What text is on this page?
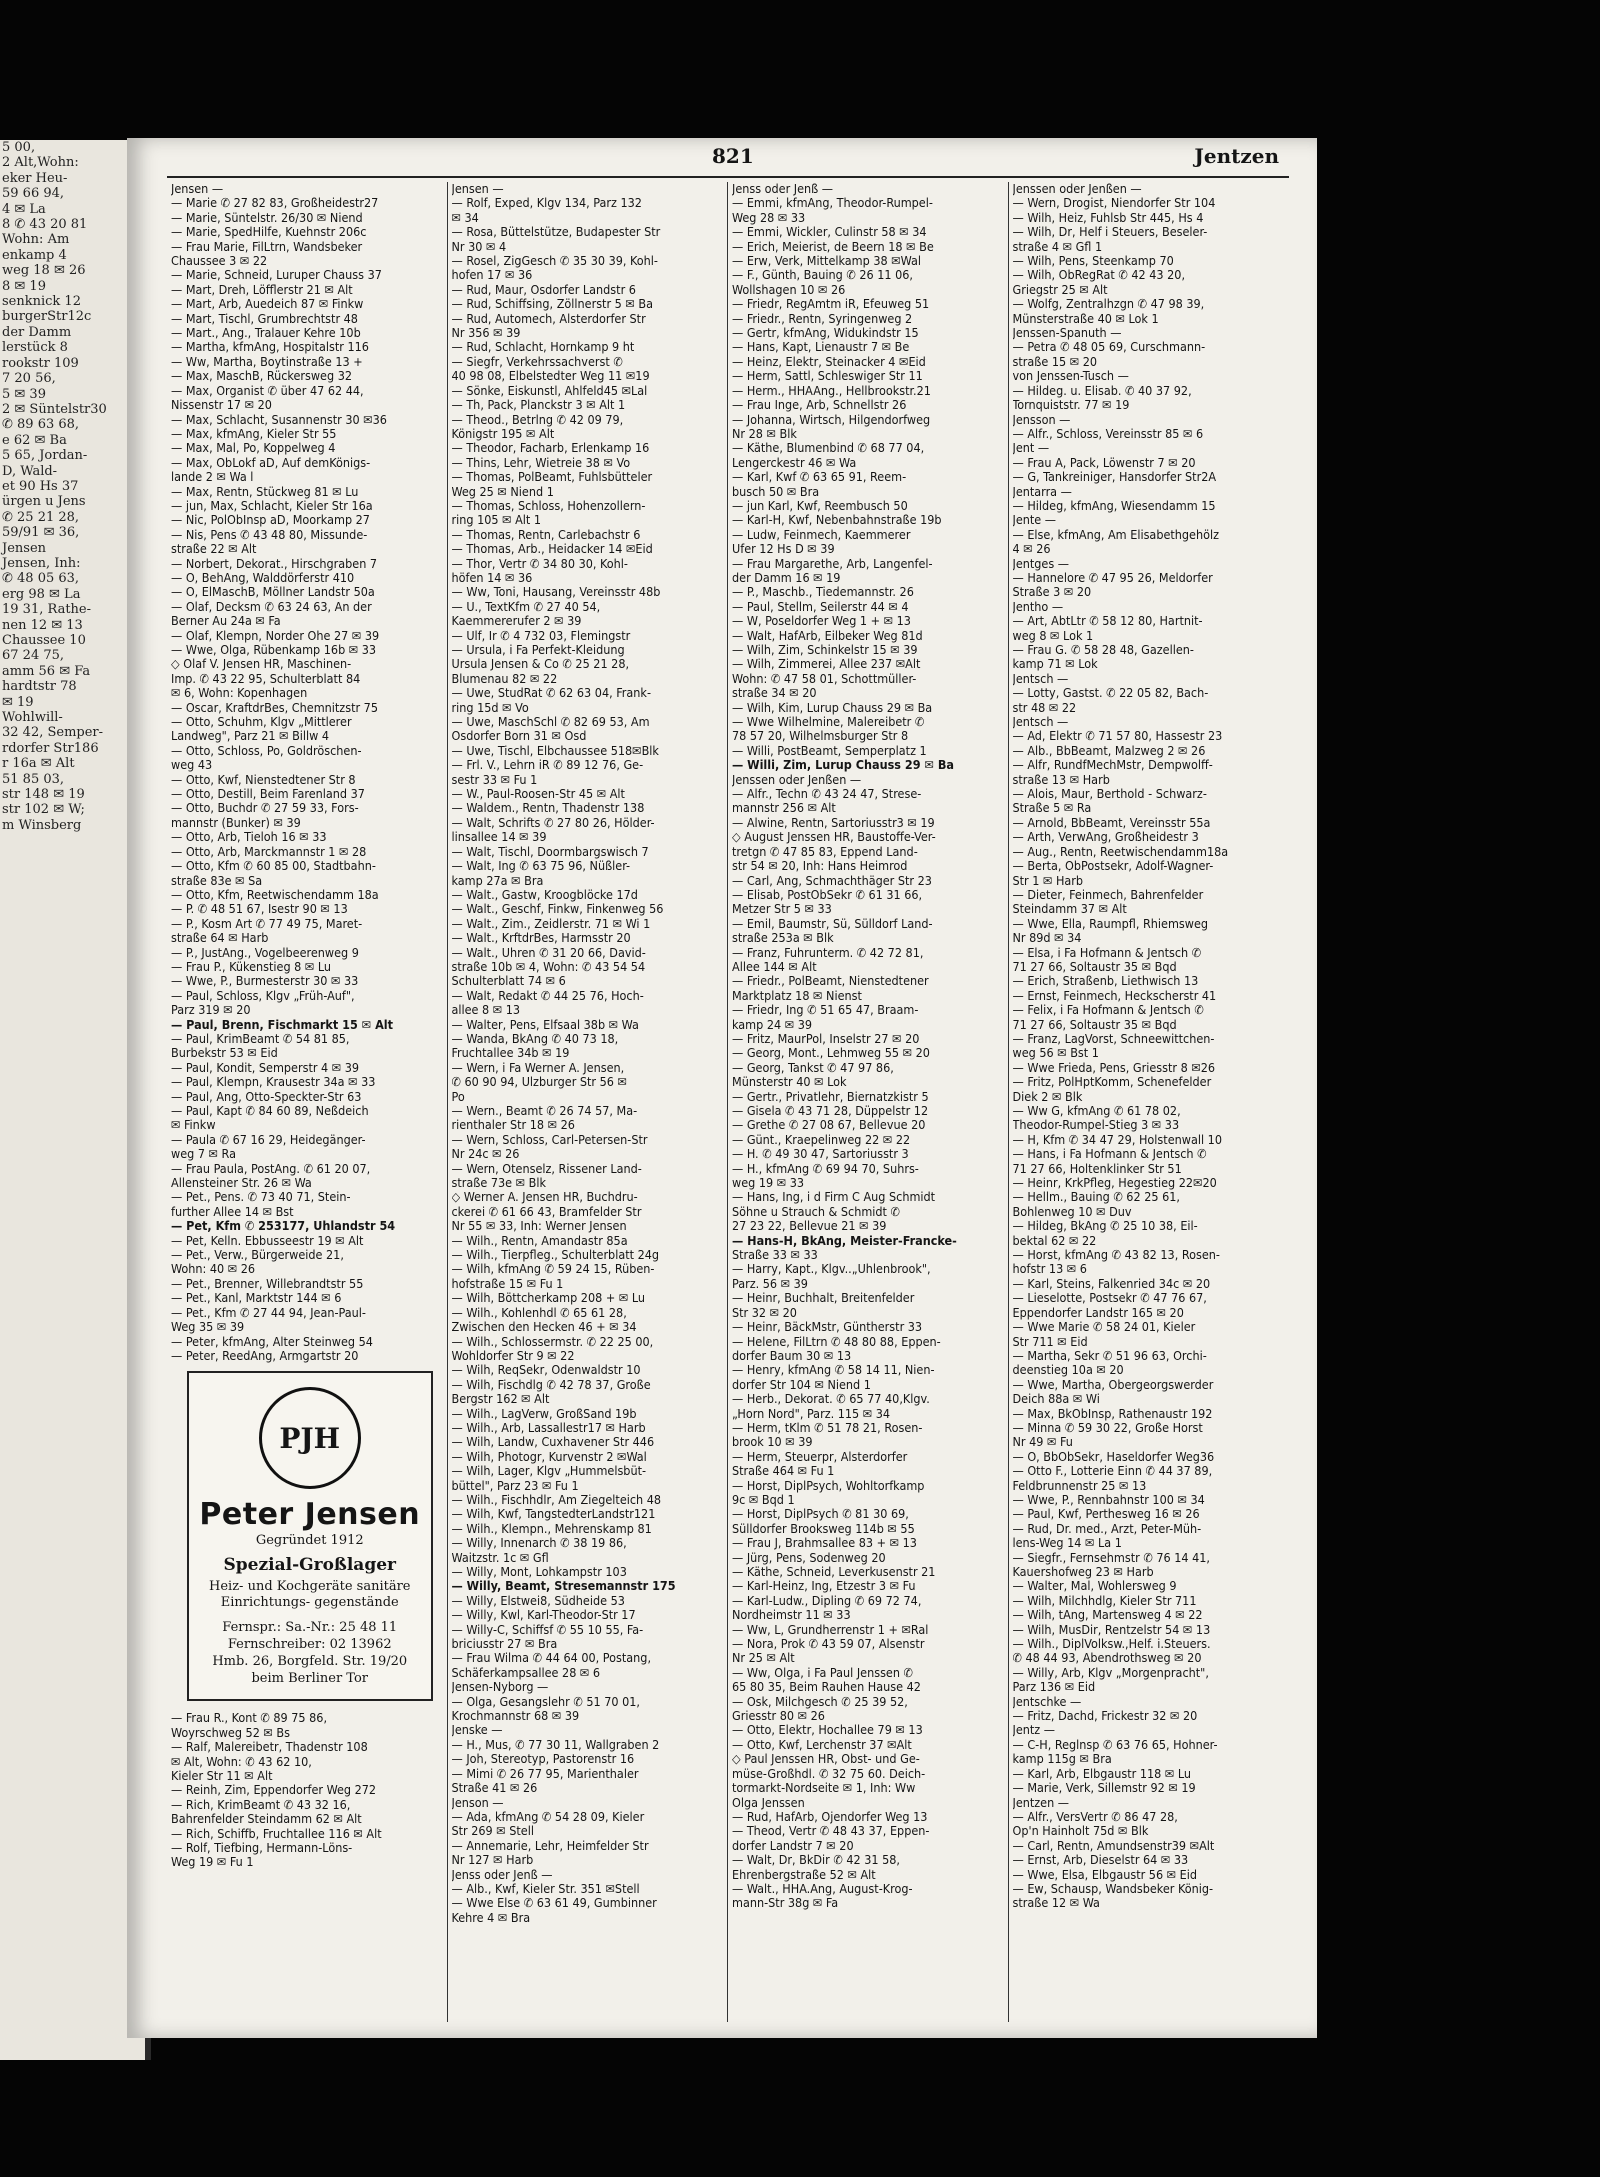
5 00,
2 Alt,Wohn:
eker Heu-
59 66 94,
4 ✉ La
8 ✆ 43 20 81
Wohn: Am
enkamp 4
weg 18 ✉ 26
8 ✉ 19
senknick 12
burgerStr12c
der Damm
lerstück 8
rookstr 109
7 20 56,
5 ✉ 39
2 ✉ Süntelstr30
✆ 89 63 68,
e 62 ✉ Ba
5 65, Jordan-
D, Wald-
et 90 Hs 37
ürgen u Jens
✆ 25 21 28,
59/91 ✉ 36,
Jensen
Jensen, Inh:
✆ 48 05 63,
erg 98 ✉ La
19 31, Rathe-
nen 12 ✉ 13
Chaussee 10
67 24 75,
amm 56 ✉ Fa
hardtstr 78
✉ 19
Wohlwill-
32 42, Semper-
rdorfer Str186
r 16a ✉ Alt
51 85 03,
str 148 ✉ 19
str 102 ✉ W;
m Winsberg
821	Jentzen
Jensen —
— Marie ✆ 27 82 83, Großheidestr27
— Marie, Süntelstr. 26/30 ✉ Niend
— Marie, SpedHilfe, Kuehnstr 206c
— Frau Marie, FilLtrn, Wandsbeker
Chaussee 3 ✉ 22
— Marie, Schneid, Luruper Chauss 37
— Mart, Dreh, Löfflerstr 21 ✉ Alt
— Mart, Arb, Auedeich 87 ✉ Finkw
— Mart, Tischl, Grumbrechtstr 48
— Mart., Ang., Tralauer Kehre 10b
— Martha, kfmAng, Hospitalstr 116
— Ww, Martha, Boytinstraße 13 +
— Max, MaschB, Rückersweg 32
— Max, Organist ✆ über 47 62 44,
Nissenstr 17 ✉ 20
— Max, Schlacht, Susannenstr 30 ✉36
— Max, kfmAng, Kieler Str 55
— Max, Mal, Po, Koppelweg 4
— Max, ObLokf aD, Auf demKönigs-
lande 2 ✉ Wa l
— Max, Rentn, Stückweg 81 ✉ Lu
— jun, Max, Schlacht, Kieler Str 16a
— Nic, PolObInsp aD, Moorkamp 27
— Nis, Pens ✆ 43 48 80, Missunde-
straße 22 ✉ Alt
— Norbert, Dekorat., Hirschgraben 7
— O, BehAng, Walddörferstr 410
— O, ElMaschB, Möllner Landstr 50a
— Olaf, Decksm ✆ 63 24 63, An der
Berner Au 24a ✉ Fa
— Olaf, Klempn, Norder Ohe 27 ✉ 39
— Wwe, Olga, Rübenkamp 16b ✉ 33
◇ Olaf V. Jensen HR, Maschinen-
Imp. ✆ 43 22 95, Schulterblatt 84
✉ 6, Wohn: Kopenhagen
— Oscar, KraftdrBes, Chemnitzstr 75
— Otto, Schuhm, Klgv „Mittlerer
Landweg", Parz 21 ✉ Billw 4
— Otto, Schloss, Po, Goldröschen-
weg 43
— Otto, Kwf, Nienstedtener Str 8
— Otto, Destill, Beim Farenland 37
— Otto, Buchdr ✆ 27 59 33, Fors-
mannstr (Bunker) ✉ 39
— Otto, Arb, Tieloh 16 ✉ 33
— Otto, Arb, Marckmannstr 1 ✉ 28
— Otto, Kfm ✆ 60 85 00, Stadtbahn-
straße 83e ✉ Sa
— Otto, Kfm, Reetwischendamm 18a
— P. ✆ 48 51 67, Isestr 90 ✉ 13
— P., Kosm Art ✆ 77 49 75, Maret-
straße 64 ✉ Harb
— P., JustAng., Vogelbeerenweg 9
— Frau P., Kükenstieg 8 ✉ Lu
— Wwe, P., Burmesterstr 30 ✉ 33
— Paul, Schloss, Klgv „Früh-Auf",
Parz 319 ✉ 20
— Paul, Brenn, Fischmarkt 15 ✉ Alt
— Paul, KrimBeamt ✆ 54 81 85,
Burbekstr 53 ✉ Eid
— Paul, Kondit, Semperstr 4 ✉ 39
— Paul, Klempn, Krausestr 34a ✉ 33
— Paul, Ang, Otto-Speckter-Str 63
— Paul, Kapt ✆ 84 60 89, Neßdeich
✉ Finkw
— Paula ✆ 67 16 29, Heidegänger-
weg 7 ✉ Ra
— Frau Paula, PostAng. ✆ 61 20 07,
Allensteiner Str. 26 ✉ Wa
— Pet., Pens. ✆ 73 40 71, Stein-
further Allee 14 ✉ Bst
— Pet, Kfm ✆ 253177, Uhlandstr 54
— Pet, Kelln. Ebbusseestr 19 ✉ Alt
— Pet., Verw., Bürgerweide 21,
Wohn: 40 ✉ 26
— Pet., Brenner, Willebrandtstr 55
— Pet., Kanl, Marktstr 144 ✉ 6
— Pet., Kfm ✆ 27 44 94, Jean-Paul-
Weg 35 ✉ 39
— Peter, kfmAng, Alter Steinweg 54
— Peter, ReedAng, Armgartstr 20
PJH
Peter Jensen
Gegründet 1912
Spezial-Großlager
Heiz- und Kochgeräte sanitäre Einrichtungs- gegenstände
Fernspr.: Sa.-Nr.: 25 48 11
Fernschreiber: 02 13962
Hmb. 26, Borgfeld. Str. 19/20
beim Berliner Tor
— Frau R., Kont ✆ 89 75 86,
Woyrschweg 52 ✉ Bs
— Ralf, Malereibetr, Thadenstr 108
✉ Alt, Wohn: ✆ 43 62 10,
Kieler Str 11 ✉ Alt
— Reinh, Zim, Eppendorfer Weg 272
— Rich, KrimBeamt ✆ 43 32 16,
Bahrenfelder Steindamm 62 ✉ Alt
— Rich, Schiffb, Fruchtallee 116 ✉ Alt
— Rolf, Tiefbing, Hermann-Löns-
Weg 19 ✉ Fu 1
Jensen —
— Rolf, Exped, Klgv 134, Parz 132
✉ 34
— Rosa, Büttelstütze, Budapester Str
Nr 30 ✉ 4
— Rosel, ZigGesch ✆ 35 30 39, Kohl-
hofen 17 ✉ 36
— Rud, Maur, Osdorfer Landstr 6
— Rud, Schiffsing, Zöllnerstr 5 ✉ Ba
— Rud, Automech, Alsterdorfer Str
Nr 356 ✉ 39
— Rud, Schlacht, Hornkamp 9 ht
— Siegfr, Verkehrssachverst ✆
40 98 08, Elbelstedter Weg 11 ✉19
— Sönke, Eiskunstl, Ahlfeld45 ✉Lal
— Th, Pack, Planckstr 3 ✉ Alt 1
— Theod., Betrlng ✆ 42 09 79,
Königstr 195 ✉ Alt
— Theodor, Facharb, Erlenkamp 16
— Thins, Lehr, Wietreie 38 ✉ Vo
— Thomas, PolBeamt, Fuhlsbütteler
Weg 25 ✉ Niend 1
— Thomas, Schloss, Hohenzollern-
ring 105 ✉ Alt 1
— Thomas, Rentn, Carlebachstr 6
— Thomas, Arb., Heidacker 14 ✉Eid
— Thor, Vertr ✆ 34 80 30, Kohl-
höfen 14 ✉ 36
— Ww, Toni, Hausang, Vereinsstr 48b
— U., TextKfm ✆ 27 40 54,
Kaemmererufer 2 ✉ 39
— Ulf, Ir ✆ 4 732 03, Flemingstr
— Ursula, i Fa Perfekt-Kleidung
Ursula Jensen & Co ✆ 25 21 28,
Blumenau 82 ✉ 22
— Uwe, StudRat ✆ 62 63 04, Frank-
ring 15d ✉ Vo
— Uwe, MaschSchl ✆ 82 69 53, Am
Osdorfer Born 31 ✉ Osd
— Uwe, Tischl, Elbchaussee 518✉Blk
— Frl. V., Lehrn iR ✆ 89 12 76, Ge-
sestr 33 ✉ Fu 1
— W., Paul-Roosen-Str 45 ✉ Alt
— Waldem., Rentn, Thadenstr 138
— Walt, Schrifts ✆ 27 80 26, Hölder-
linsallee 14 ✉ 39
— Walt, Tischl, Doormbargswisch 7
— Walt, Ing ✆ 63 75 96, Nüßler-
kamp 27a ✉ Bra
— Walt., Gastw, Kroogblöcke 17d
— Walt., Geschf, Finkw, Finkenweg 56
— Walt., Zim., Zeidlerstr. 71 ✉ Wi 1
— Walt., KrftdrBes, Harmsstr 20
— Walt., Uhren ✆ 31 20 66, David-
straße 10b ✉ 4, Wohn: ✆ 43 54 54
Schulterblatt 74 ✉ 6
— Walt, Redakt ✆ 44 25 76, Hoch-
allee 8 ✉ 13
— Walter, Pens, Elfsaal 38b ✉ Wa
— Wanda, BkAng ✆ 40 73 18,
Fruchtallee 34b ✉ 19
— Wern, i Fa Werner A. Jensen,
✆ 60 90 94, Ulzburger Str 56 ✉
Po
— Wern., Beamt ✆ 26 74 57, Ma-
rienthaler Str 18 ✉ 26
— Wern, Schloss, Carl-Petersen-Str
Nr 24c ✉ 26
— Wern, Otenselz, Rissener Land-
straße 73e ✉ Blk
◇ Werner A. Jensen HR, Buchdru-
ckerei ✆ 61 66 43, Bramfelder Str
Nr 55 ✉ 33, Inh: Werner Jensen
— Wilh., Rentn, Amandastr 85a
— Wilh., Tierpfleg., Schulterblatt 24g
— Wilh, kfmAng ✆ 59 24 15, Rüben-
hofstraße 15 ✉ Fu 1
— Wilh, Böttcherkamp 208 + ✉ Lu
— Wilh., Kohlenhdl ✆ 65 61 28,
Zwischen den Hecken 46 + ✉ 34
— Wilh., Schlossermstr. ✆ 22 25 00,
Wohldorfer Str 9 ✉ 22
— Wilh, ReqSekr, Odenwaldstr 10
— Wilh, Fischdlg ✆ 42 78 37, Große
Bergstr 162 ✉ Alt
— Wilh., LagVerw, GroßSand 19b
— Wilh., Arb, Lassallestr17 ✉ Harb
— Wilh, Landw, Cuxhavener Str 446
— Wilh, Photogr, Kurvenstr 2 ✉Wal
— Wilh, Lager, Klgv „Hummelsbüt-
büttel", Parz 23 ✉ Fu 1
— Wilh., Fischhdlr, Am Ziegelteich 48
— Wilh, Kwf, TangstedterLandstr121
— Wilh., Klempn., Mehrenskamp 81
— Willy, Innenarch ✆ 38 19 86,
Waitzstr. 1c ✉ Gfl
— Willy, Mont, Lohkampstr 103
— Willy, Beamt, Stresemannstr 175
— Willy, Elstwei8, Südheide 53
— Willy, Kwl, Karl-Theodor-Str 17
— Willy-C, Schiffsf ✆ 55 10 55, Fa-
briciusstr 27 ✉ Bra
— Frau Wilma ✆ 44 64 00, Postang,
Schäferkampsallee 28 ✉ 6
Jensen-Nyborg —
— Olga, Gesangslehr ✆ 51 70 01,
Krochmannstr 68 ✉ 39
Jenske —
— H., Mus, ✆ 77 30 11, Wallgraben 2
— Joh, Stereotyp, Pastorenstr 16
— Mimi ✆ 26 77 95, Marienthaler
Straße 41 ✉ 26
Jenson —
— Ada, kfmAng ✆ 54 28 09, Kieler
Str 269 ✉ Stell
— Annemarie, Lehr, Heimfelder Str
Nr 127 ✉ Harb
Jenss oder Jenß —
— Alb., Kwf, Kieler Str. 351 ✉Stell
— Wwe Else ✆ 63 61 49, Gumbinner
Kehre 4 ✉ Bra
Jenss oder Jenß —
— Emmi, kfmAng, Theodor-Rumpel-
Weg 28 ✉ 33
— Emmi, Wickler, Culinstr 58 ✉ 34
— Erich, Meierist, de Beern 18 ✉ Be
— Erw, Verk, Mittelkamp 38 ✉Wal
— F., Günth, Bauing ✆ 26 11 06,
Wollshagen 10 ✉ 26
— Friedr, RegAmtm iR, Efeuweg 51
— Friedr., Rentn, Syringenweg 2
— Gertr, kfmAng, Widukindstr 15
— Hans, Kapt, Lienaustr 7 ✉ Be
— Heinz, Elektr, Steinacker 4 ✉Eid
— Herm, Sattl, Schleswiger Str 11
— Herm., HHAAng., Hellbrookstr.21
— Frau Inge, Arb, Schnellstr 26
— Johanna, Wirtsch, Hilgendorfweg
Nr 28 ✉ Blk
— Käthe, Blumenbind ✆ 68 77 04,
Lengerckestr 46 ✉ Wa
— Karl, Kwf ✆ 63 65 91, Reem-
busch 50 ✉ Bra
— jun Karl, Kwf, Reembusch 50
— Karl-H, Kwf, Nebenbahnstraße 19b
— Ludw, Feinmech, Kaemmerer
Ufer 12 Hs D ✉ 39
— Frau Margarethe, Arb, Langenfel-
der Damm 16 ✉ 19
— P., Maschb., Tiedemannstr. 26
— Paul, Stellm, Seilerstr 44 ✉ 4
— W, Poseldorfer Weg 1 + ✉ 13
— Walt, HafArb, Eilbeker Weg 81d
— Wilh, Zim, Schinkelstr 15 ✉ 39
— Wilh, Zimmerei, Allee 237 ✉Alt
Wohn: ✆ 47 58 01, Schottmüller-
straße 34 ✉ 20
— Wilh, Kim, Lurup Chauss 29 ✉ Ba
— Wwe Wilhelmine, Malereibetr ✆
78 57 20, Wilhelmsburger Str 8
— Willi, PostBeamt, Semperplatz 1
— Willi, Zim, Lurup Chauss 29 ✉ Ba
Jenssen oder Jenßen —
— Alfr., Techn ✆ 43 24 47, Strese-
mannstr 256 ✉ Alt
— Alwine, Rentn, Sartoriusstr3 ✉ 19
◇ August Jenssen HR, Baustoffe-Ver-
tretgn ✆ 47 85 83, Eppend Land-
str 54 ✉ 20, Inh: Hans Heimrod
— Carl, Ang, Schmachthäger Str 23
— Elisab, PostObSekr ✆ 61 31 66,
Metzer Str 5 ✉ 33
— Emil, Baumstr, Sü, Sülldorf Land-
straße 253a ✉ Blk
— Franz, Fuhrunterm. ✆ 42 72 81,
Allee 144 ✉ Alt
— Friedr., PolBeamt, Nienstedtener
Marktplatz 18 ✉ Nienst
— Friedr, Ing ✆ 51 65 47, Braam-
kamp 24 ✉ 39
— Fritz, MaurPol, Inselstr 27 ✉ 20
— Georg, Mont., Lehmweg 55 ✉ 20
— Georg, Tankst ✆ 47 97 86,
Münsterstr 40 ✉ Lok
— Gertr., Privatlehr, Biernatzkistr 5
— Gisela ✆ 43 71 28, Düppelstr 12
— Grethe ✆ 27 08 67, Bellevue 20
— Günt., Kraepelinweg 22 ✉ 22
— H. ✆ 49 30 47, Sartoriusstr 3
— H., kfmAng ✆ 69 94 70, Suhrs-
weg 19 ✉ 33
— Hans, Ing, i d Firm C Aug Schmidt
Söhne u Strauch & Schmidt ✆
27 23 22, Bellevue 21 ✉ 39
— Hans-H, BkAng, Meister-Francke-
Straße 33 ✉ 33
— Harry, Kapt., Klgv..„Uhlenbrook",
Parz. 56 ✉ 39
— Heinr, Buchhalt, Breitenfelder
Str 32 ✉ 20
— Heinr, BäckMstr, Güntherstr 33
— Helene, FilLtrn ✆ 48 80 88, Eppen-
dorfer Baum 30 ✉ 13
— Henry, kfmAng ✆ 58 14 11, Nien-
dorfer Str 104 ✉ Niend 1
— Herb., Dekorat. ✆ 65 77 40,Klgv.
„Horn Nord", Parz. 115 ✉ 34
— Herm, tKlm ✆ 51 78 21, Rosen-
brook 10 ✉ 39
— Herm, Steuerpr, Alsterdorfer
Straße 464 ✉ Fu 1
— Horst, DiplPsych, Wohltorfkamp
9c ✉ Bqd 1
— Horst, DiplPsych ✆ 81 30 69,
Sülldorfer Brooksweg 114b ✉ 55
— Frau J, Brahmsallee 83 + ✉ 13
— Jürg, Pens, Sodenweg 20
— Käthe, Schneid, Leverkusenstr 21
— Karl-Heinz, Ing, Etzestr 3 ✉ Fu
— Karl-Ludw., Dipling ✆ 69 72 74,
Nordheimstr 11 ✉ 33
— Ww, L, Grundherrenstr 1 + ✉Ral
— Nora, Prok ✆ 43 59 07, Alsenstr
Nr 25 ✉ Alt
— Ww, Olga, i Fa Paul Jenssen ✆
65 80 35, Beim Rauhen Hause 42
— Osk, Milchgesch ✆ 25 39 52,
Griesstr 80 ✉ 26
— Otto, Elektr, Hochallee 79 ✉ 13
— Otto, Kwf, Lerchenstr 37 ✉Alt
◇ Paul Jenssen HR, Obst- und Ge-
müse-Großhdl. ✆ 32 75 60. Deich-
tormarkt-Nordseite ✉ 1, Inh: Ww
Olga Jenssen
— Rud, HafArb, Ojendorfer Weg 13
— Theod, Vertr ✆ 48 43 37, Eppen-
dorfer Landstr 7 ✉ 20
— Walt, Dr, BkDir ✆ 42 31 58,
Ehrenbergstraße 52 ✉ Alt
— Walt., HHA.Ang, August-Krog-
mann-Str 38g ✉ Fa
Jenssen oder Jenßen —
— Wern, Drogist, Niendorfer Str 104
— Wilh, Heiz, Fuhlsb Str 445, Hs 4
— Wilh, Dr, Helf i Steuers, Beseler-
straße 4 ✉ Gfl 1
— Wilh, Pens, Steenkamp 70
— Wilh, ObRegRat ✆ 42 43 20,
Griegstr 25 ✉ Alt
— Wolfg, Zentralhzgn ✆ 47 98 39,
Münsterstraße 40 ✉ Lok 1
Jenssen-Spanuth —
— Petra ✆ 48 05 69, Curschmann-
straße 15 ✉ 20
von Jenssen-Tusch —
— Hildeg. u. Elisab. ✆ 40 37 92,
Tornquiststr. 77 ✉ 19
Jensson —
— Alfr., Schloss, Vereinsstr 85 ✉ 6
Jent —
— Frau A, Pack, Löwenstr 7 ✉ 20
— G, Tankreiniger, Hansdorfer Str2A
Jentarra —
— Hildeg, kfmAng, Wiesendamm 15
Jente —
— Else, kfmAng, Am Elisabethgehölz
4 ✉ 26
Jentges —
— Hannelore ✆ 47 95 26, Meldorfer
Straße 3 ✉ 20
Jentho —
— Art, AbtLtr ✆ 58 12 80, Hartnit-
weg 8 ✉ Lok 1
— Frau G. ✆ 58 28 48, Gazellen-
kamp 71 ✉ Lok
Jentsch —
— Lotty, Gastst. ✆ 22 05 82, Bach-
str 48 ✉ 22
Jentsch —
— Ad, Elektr ✆ 71 57 80, Hassestr 23
— Alb., BbBeamt, Malzweg 2 ✉ 26
— Alfr, RundfMechMstr, Dempwolff-
straße 13 ✉ Harb
— Alois, Maur, Berthold - Schwarz-
Straße 5 ✉ Ra
— Arnold, BbBeamt, Vereinsstr 55a
— Arth, VerwAng, Großheidestr 3
— Aug., Rentn, Reetwischendamm18a
— Berta, ObPostsekr, Adolf-Wagner-
Str 1 ✉ Harb
— Dieter, Feinmech, Bahrenfelder
Steindamm 37 ✉ Alt
— Wwe, Ella, Raumpfl, Rhiemsweg
Nr 89d ✉ 34
— Elsa, i Fa Hofmann & Jentsch ✆
71 27 66, Soltaustr 35 ✉ Bqd
— Erich, Straßenb, Liethwisch 13
— Ernst, Feinmech, Heckscherstr 41
— Felix, i Fa Hofmann & Jentsch ✆
71 27 66, Soltaustr 35 ✉ Bqd
— Franz, LagVorst, Schneewittchen-
weg 56 ✉ Bst 1
— Wwe Frieda, Pens, Griesstr 8 ✉26
— Fritz, PolHptKomm, Schenefelder
Diek 2 ✉ Blk
— Ww G, kfmAng ✆ 61 78 02,
Theodor-Rumpel-Stieg 3 ✉ 33
— H, Kfm ✆ 34 47 29, Holstenwall 10
— Hans, i Fa Hofmann & Jentsch ✆
71 27 66, Holtenklinker Str 51
— Heinr, KrkPfleg, Hegestieg 22✉20
— Hellm., Bauing ✆ 62 25 61,
Bohlenweg 10 ✉ Duv
— Hildeg, BkAng ✆ 25 10 38, Eil-
bektal 62 ✉ 22
— Horst, kfmAng ✆ 43 82 13, Rosen-
hofstr 13 ✉ 6
— Karl, Steins, Falkenried 34c ✉ 20
— Lieselotte, Postsekr ✆ 47 76 67,
Eppendorfer Landstr 165 ✉ 20
— Wwe Marie ✆ 58 24 01, Kieler
Str 711 ✉ Eid
— Martha, Sekr ✆ 51 96 63, Orchi-
deenstieg 10a ✉ 20
— Wwe, Martha, Obergeorgswerder
Deich 88a ✉ Wi
— Max, BkObInsp, Rathenaustr 192
— Minna ✆ 59 30 22, Große Horst
Nr 49 ✉ Fu
— O, BbObSekr, Haseldorfer Weg36
— Otto F., Lotterie Einn ✆ 44 37 89,
Feldbrunnenstr 25 ✉ 13
— Wwe, P., Rennbahnstr 100 ✉ 34
— Paul, Kwf, Perthesweg 16 ✉ 26
— Rud, Dr. med., Arzt, Peter-Müh-
lens-Weg 14 ✉ La 1
— Siegfr., Fernsehmstr ✆ 76 14 41,
Kauershofweg 23 ✉ Harb
— Walter, Mal, Wohlersweg 9
— Wilh, Milchhdlg, Kieler Str 711
— Wilh, tAng, Martensweg 4 ✉ 22
— Wilh, MusDir, Rentzelstr 54 ✉ 13
— Wilh., DiplVolksw.,Helf. i.Steuers.
✆ 48 44 93, Abendrothsweg ✉ 20
— Willy, Arb, Klgv „Morgenpracht",
Parz 136 ✉ Eid
Jentschke —
— Fritz, Dachd, Frickestr 32 ✉ 20
Jentz —
— C-H, Reglnsp ✆ 63 76 65, Hohner-
kamp 115g ✉ Bra
— Karl, Arb, Elbgaustr 118 ✉ Lu
— Marie, Verk, Sillemstr 92 ✉ 19
Jentzen —
— Alfr., VersVertr ✆ 86 47 28,
Op'n Hainholt 75d ✉ Blk
— Carl, Rentn, Amundsenstr39 ✉Alt
— Ernst, Arb, Dieselstr 64 ✉ 33
— Wwe, Elsa, Elbgaustr 56 ✉ Eid
— Ew, Schausp, Wandsbeker König-
straße 12 ✉ Wa
